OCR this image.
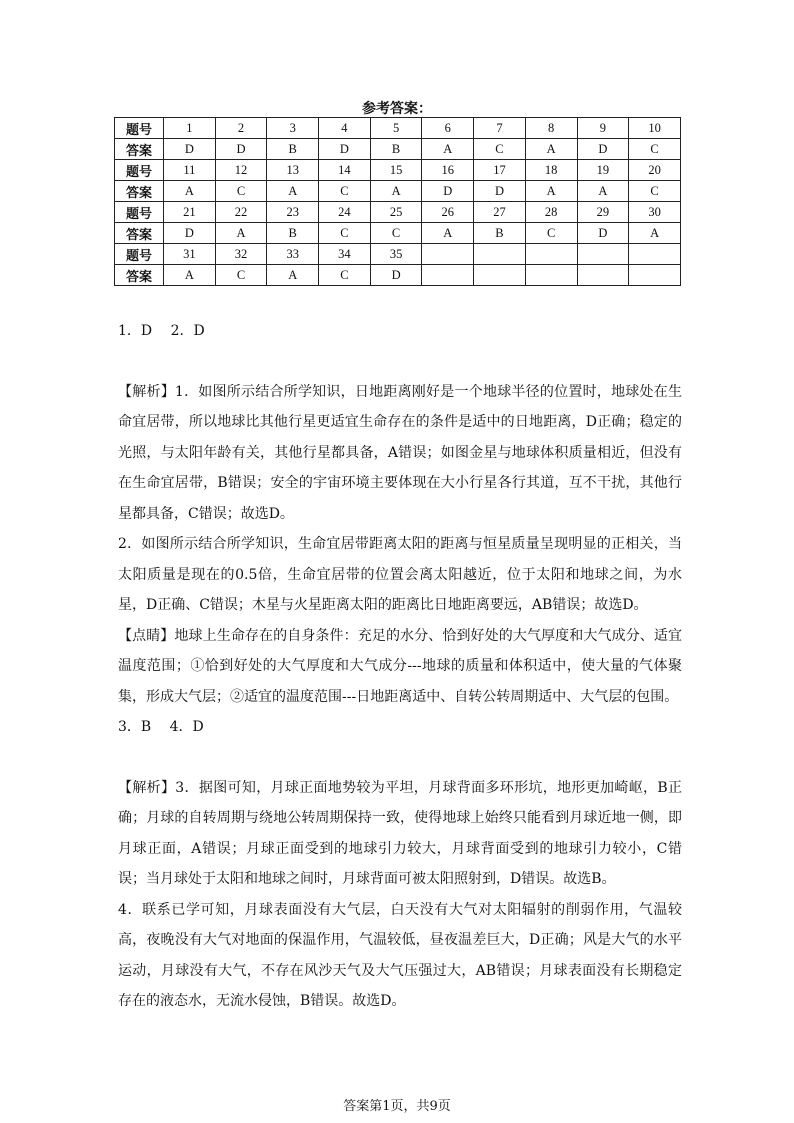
参考答案：
题号	1	2	3	4	5	6	7	8	9	10
答案	D	D	B	D	B	A	C	A	D	C
题号	11	12	13	14	15	16	17	18	19	20
答案	A	C	A	C	A	D	D	A	A	C
题号	21	22	23	24	25	26	27	28	29	30
答案	D	A	B	C	C	A	B	C	D	A
题号	31	32	33	34	35					
答案	A	C	A	C	D					

1．D　 2．D

【解析】1．如图所示结合所学知识，日地距离刚好是一个地球半径的位置时，地球处在生命宜居带，所以地球比其他行星更适宜生命存在的条件是适中的日地距离，D正确；稳定的光照，与太阳年龄有关，其他行星都具备，A错误；如图金星与地球体积质量相近，但没有在生命宜居带，B错误；安全的宇宙环境主要体现在大小行星各行其道，互不干扰，其他行星都具备，C错误；故选D。

2．如图所示结合所学知识，生命宜居带距离太阳的距离与恒星质量呈现明显的正相关，当太阳质量是现在的0.5倍，生命宜居带的位置会离太阳越近，位于太阳和地球之间，为水星，D正确、C错误；木星与火星距离太阳的距离比日地距离要远，AB错误；故选D。

【点睛】地球上生命存在的自身条件：充足的水分、恰到好处的大气厚度和大气成分、适宜温度范围；①恰到好处的大气厚度和大气成分---地球的质量和体积适中，使大量的气体聚集，形成大气层；②适宜的温度范围---日地距离适中、自转公转周期适中、大气层的包围。

3．B　 4．D

【解析】3．据图可知，月球正面地势较为平坦，月球背面多环形坑，地形更加崎岖，B正确；月球的自转周期与绕地公转周期保持一致，使得地球上始终只能看到月球近地一侧，即月球正面，A错误；月球正面受到的地球引力较大，月球背面受到的地球引力较小，C错误；当月球处于太阳和地球之间时，月球背面可被太阳照射到，D错误。故选B。

4．联系已学可知，月球表面没有大气层，白天没有大气对太阳辐射的削弱作用，气温较高，夜晚没有大气对地面的保温作用，气温较低，昼夜温差巨大，D正确；风是大气的水平运动，月球没有大气，不存在风沙天气及大气压强过大，AB错误；月球表面没有长期稳定存在的液态水，无流水侵蚀，B错误。故选D。

答案第1页，共9页
